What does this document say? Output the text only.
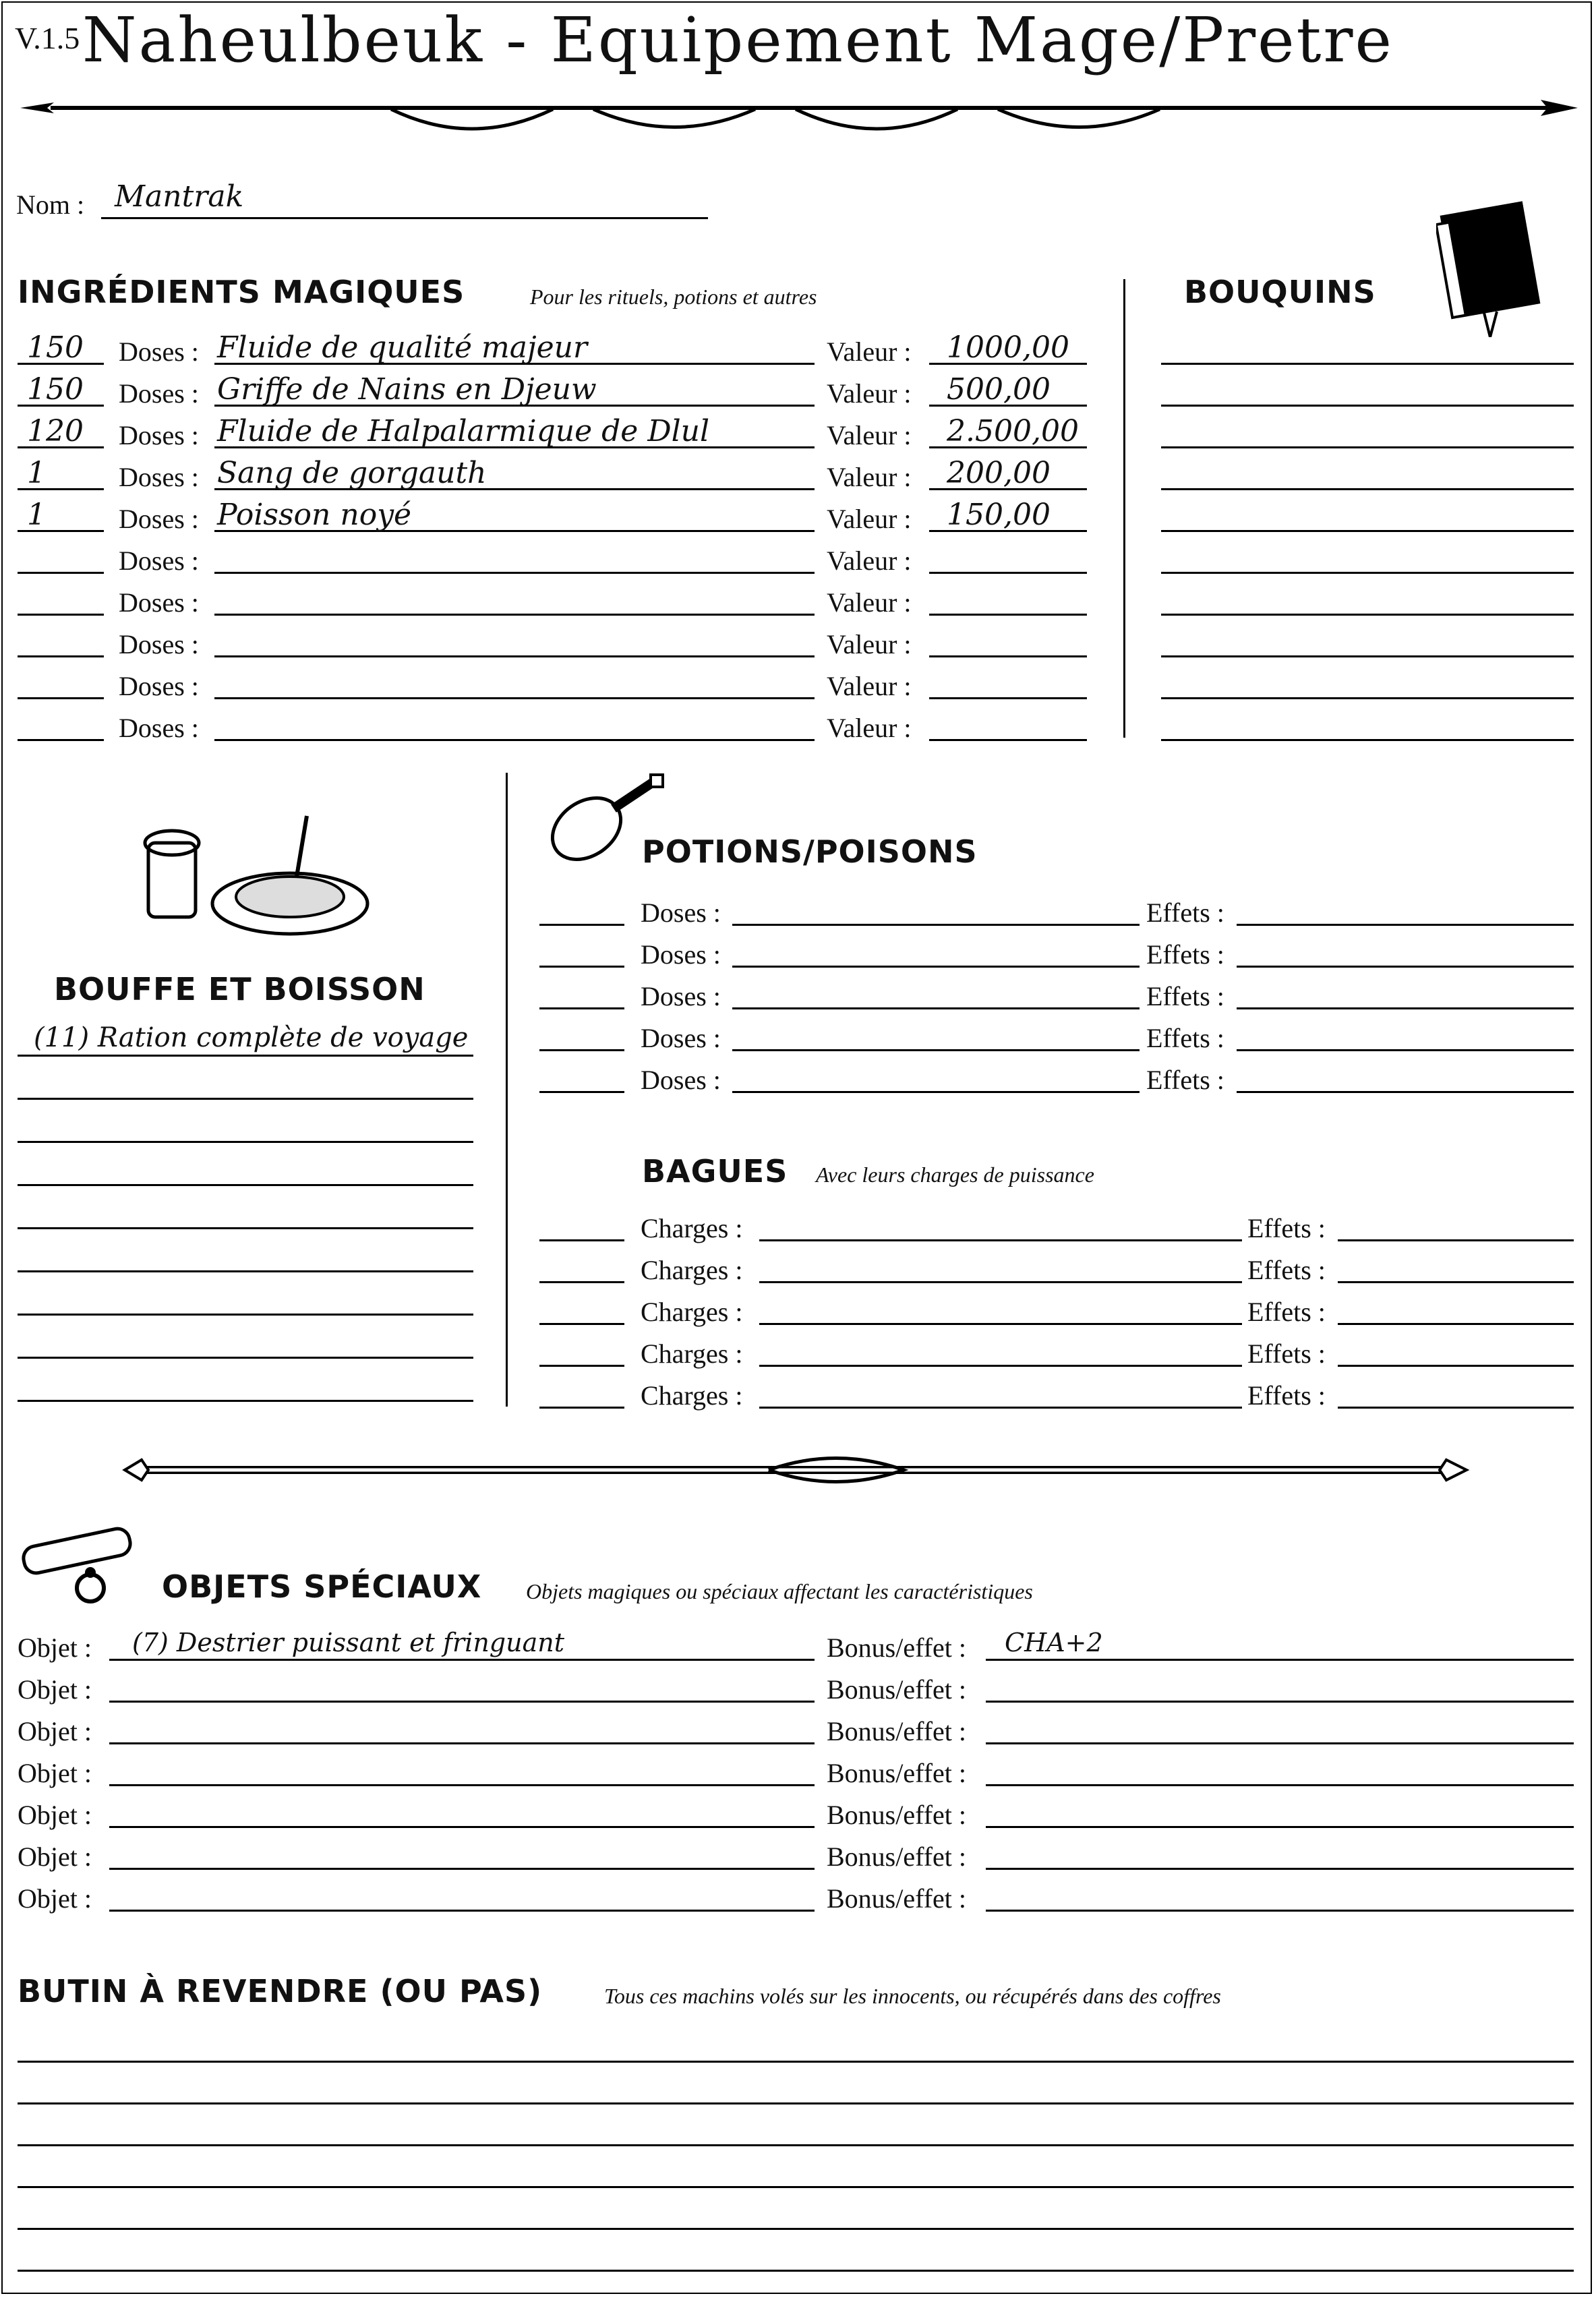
V.1.5 Naheulbeuk - Equipement Mage/Pretre
Nom : Mantrak
INGRÉDIENTS MAGIQUES	Pour les rituels, potions et autres
150 Doses : Fluide de qualité majeur	Valeur : 1000,00
150 Doses : Griffe de Nains en Djeuw	Valeur : 500,00
120 Doses : Fluide de Halpalarmique de Dlul	Valeur : 2.500,00
1	Doses : Sang de gorgauth	Valeur : 200,00
1	Doses : Poisson noyé	Valeur : 150,00
Doses :	Valeur :
Doses :	Valeur :
Doses :	Valeur :
Doses :	Valeur :
Doses :	Valeur :
BOUQUINS
BOUFFE ET BOISSON
(11) Ration complète de voyage
POTIONS/POISONS
Doses :	Effets :
Doses :	Effets :
Doses :	Effets :
Doses :	Effets :
Doses :	Effets :
BAGUES Avec leurs charges de puissance
Charges :	Effets :
Charges :	Effets :
Charges :	Effets :
Charges :	Effets :
Charges :	Effets :
OBJETS SPÉCIAUX Objets magiques ou spéciaux affectant les caractéristiques
Objet : (7) Destrier puissant et fringuant	Bonus/effet : CHA+2
Objet :	Bonus/effet :
Objet :	Bonus/effet :
Objet :	Bonus/effet :
Objet :	Bonus/effet :
Objet :	Bonus/effet :
Objet :	Bonus/effet :
BUTIN À REVENDRE (OU PAS)	Tous ces machins volés sur les innocents, ou récupérés dans des coffres
